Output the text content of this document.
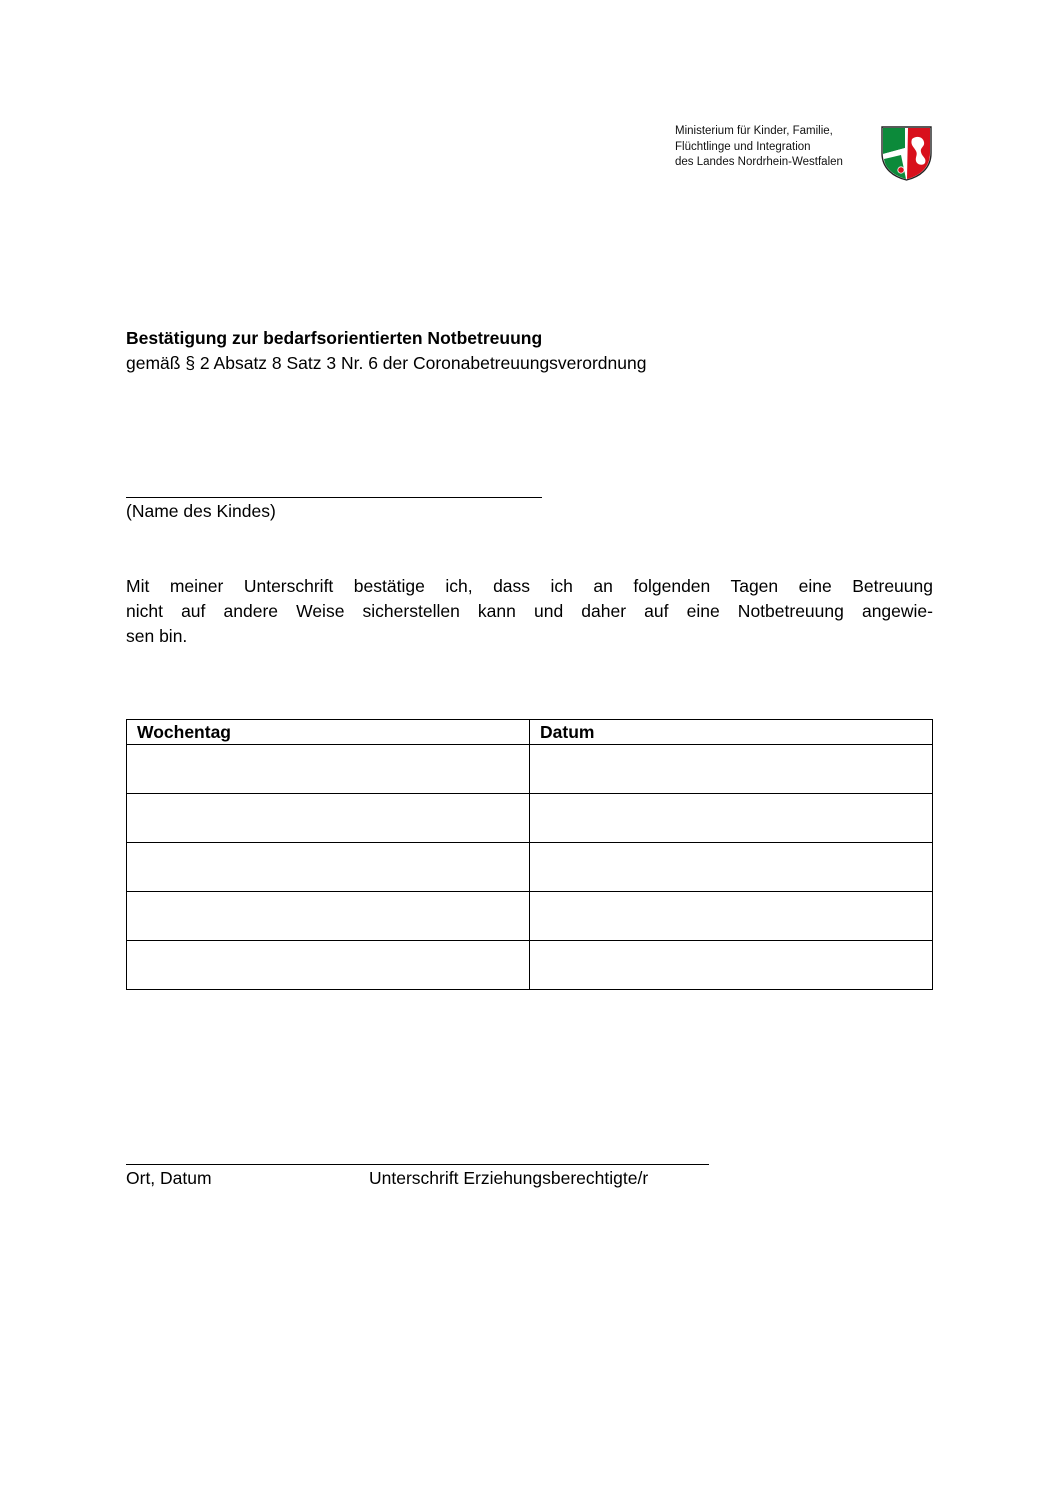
Ministerium für Kinder, Familie,
Flüchtlinge und Integration
des Landes Nordrhein-Westfalen
Bestätigung zur bedarfsorientierten Notbetreuung
gemäß § 2 Absatz 8 Satz 3 Nr. 6 der Coronabetreuungsverordnung
(Name des Kindes)
Mit meiner Unterschrift bestätige ich, dass ich an folgenden Tagen eine Betreuung
nicht auf andere Weise sicherstellen kann und daher auf eine Notbetreuung angewie-
sen bin.
Wochentag	Datum

Ort, Datum	Unterschrift Erziehungsberechtigte/r
